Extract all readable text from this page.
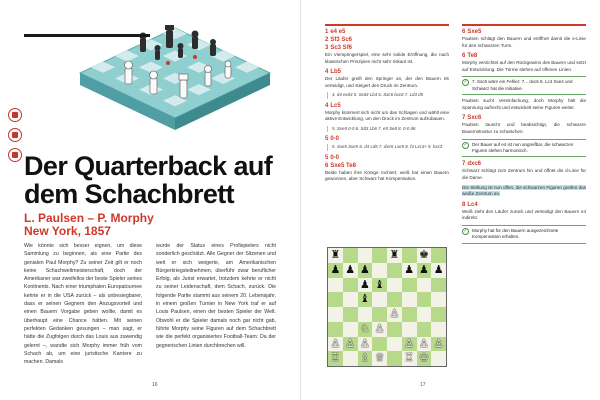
Der Quarterback auf
dem Schachbrett
L. Paulsen – P. Morphy
New York, 1857
Wie könnte sich besser eignen, um diese Sammlung zu beginnen, als eine Partie des genialen Paul Morphy? Zu seiner Zeit gilt er noch keine Schachweltmeisterschaft, doch der Amerikaner war zweifellos der beste Spieler seines Kontinents. Nach einer triumphalen Europatournee kehrte er in die USA zurück – als unbesiegbarer, dass er seinen Gegnern den Anzugsvorteil und einen Bauern Vorgabe geben wollte, damit es überhaupt eine Chance hätten. Mit seinen perfekten Gedanken gesungen – man sagt, er hätte die Zugfolgen durch das Louis aus zuwendig gelernt –, wandte sich Morphy immer früh vom Schach ab, um eine juristische Karriere zu machen. Damals
wurde der Status eines Profispielers nicht sonderlich geschätzt. Alle Gegner der Sitzenen und weit er sich weigerte, am Amerikanischen Bürgerkriegsteilnehmen, überführ zwar beruflicher Erfolg, als Jurist erwartet, trotzdem kehrte er nicht zu seiner Leidenschaft, dem Schach, zurück. Die folgende Partie stammt aus seinem 20. Lebensjahr, in einem großen Turnier in New York traf er auf Louis Paulsen, einen der besten Spieler der Welt. Obwohl er die Spieler damals noch gar nicht gab, führte Morphy seine Figuren auf dem Schachbrett wie die perfekt organisiertes Football-Team: Da der gegnerischen Linien durchbrechen will.
16
1 e4 e5
2 Sf3 Sc6
3 Sc3 Sf6
Ein Vierspringerspiel, eine sehr solide Eröffnung, die nach klassischen Prinzipien nicht sehr riskant ist.
4 Lb5
Der Läufer greift den Springer an, der den Bauern e5 verteidigt, und steigert den Druck im Zentrum.
4. d4 exd4 5. Sxd4 Lb4 6. Sxc6 bxc6 7. Ld3 d5
4 Lc5
Morphy kümmert sich nicht um das Schlagen und wählt eine aktive Entwicklung, um den Druck im Zentrum aufzubauen.
5. Sxe5 0-0 6. Sd3 Lb6 7. e5 Se8 8. 0-0 d6
5 0-0
5. Sxe5 Sxe5 6. d4 Ld6 7. dxe5 Lxe5 8. f4 Lxc3+ 9. bxc3
5 0-0
6 Sxe5 Te8
Beide haben ihre Könige rochiert, weiß hat einen Bauern gewonnen, aber Schwarz hat Kompensation.
6 Sxe5
Paulsen schlägt den Bauern und eröffnet damit die e-Linie für den schwarzen Turm.
6 Te8
Morphy verzichtet auf den Rückgewinn des Bauern und setzt auf Entwicklung. Die Türme stehen auf offenen Linien.
✓ 7. Sxc6 wäre ein Fehler: 7... dxc6 8. Lc4 Sxe4 und Schwarz hat die Initiative.
Paulsen sucht Vereinfachung, doch Morphy hält die Spannung aufrecht und entwickelt seine Figuren weiter.
7 Sxc6
Paulsen tauscht und beabsichtigt, die schwarze Bauernstruktur zu schwächen.
✓ Der Bauer auf e4 ist nun angreifbar, die schwarzen Figuren stehen harmonisch.
7 dxc6
Schwarz schlägt zum Zentrum hin und öffnet die d-Linie für die Dame.
Die Stellung ist nun offen, die schwarzen Figuren greifen das weiße Zentrum an.
8 Lc4
Weiß zieht den Läufer zurück und verteidigt den Bauern e4 indirekt.
✓ Morphy hat für den Bauern ausgezeichnete Kompensation erhalten.
♜	♜ ♚
♟ ♟ ♟	♟ ♟ ♟
♟ ♝
♝
♙
♘ ♙
♙ ♙ ♙	♙ ♙ ♙
♖ ♗ ♕ ♖ ♔
17
